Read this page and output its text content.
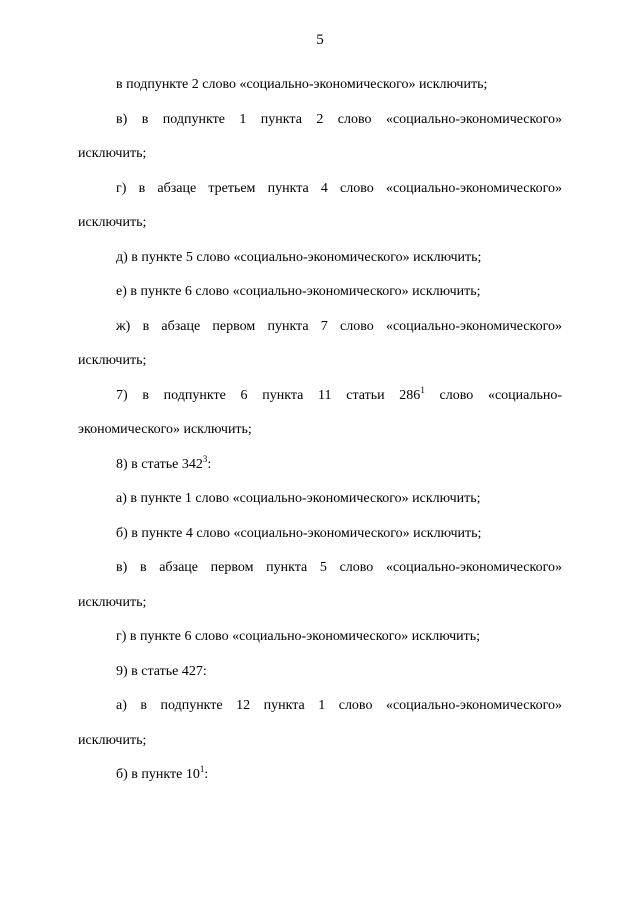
5
в подпункте 2 слово «социально-экономического» исключить;
в) в подпункте 1 пункта 2 слово «социально-экономического»
исключить;
г) в абзаце третьем пункта 4 слово «социально-экономического»
исключить;
д) в пункте 5 слово «социально-экономического» исключить;
е) в пункте 6 слово «социально-экономического» исключить;
ж) в абзаце первом пункта 7 слово «социально-экономического»
исключить;
7) в подпункте 6 пункта 11 статьи $286^1$ слово «социально-
экономического» исключить;
8) в статье $342^3$:
а) в пункте 1 слово «социально-экономического» исключить;
б) в пункте 4 слово «социально-экономического» исключить;
в) в абзаце первом пункта 5 слово «социально-экономического»
исключить;
г) в пункте 6 слово «социально-экономического» исключить;
9) в статье 427:
а) в подпункте 12 пункта 1 слово «социально-экономического»
исключить;
б) в пункте $10^1$:
